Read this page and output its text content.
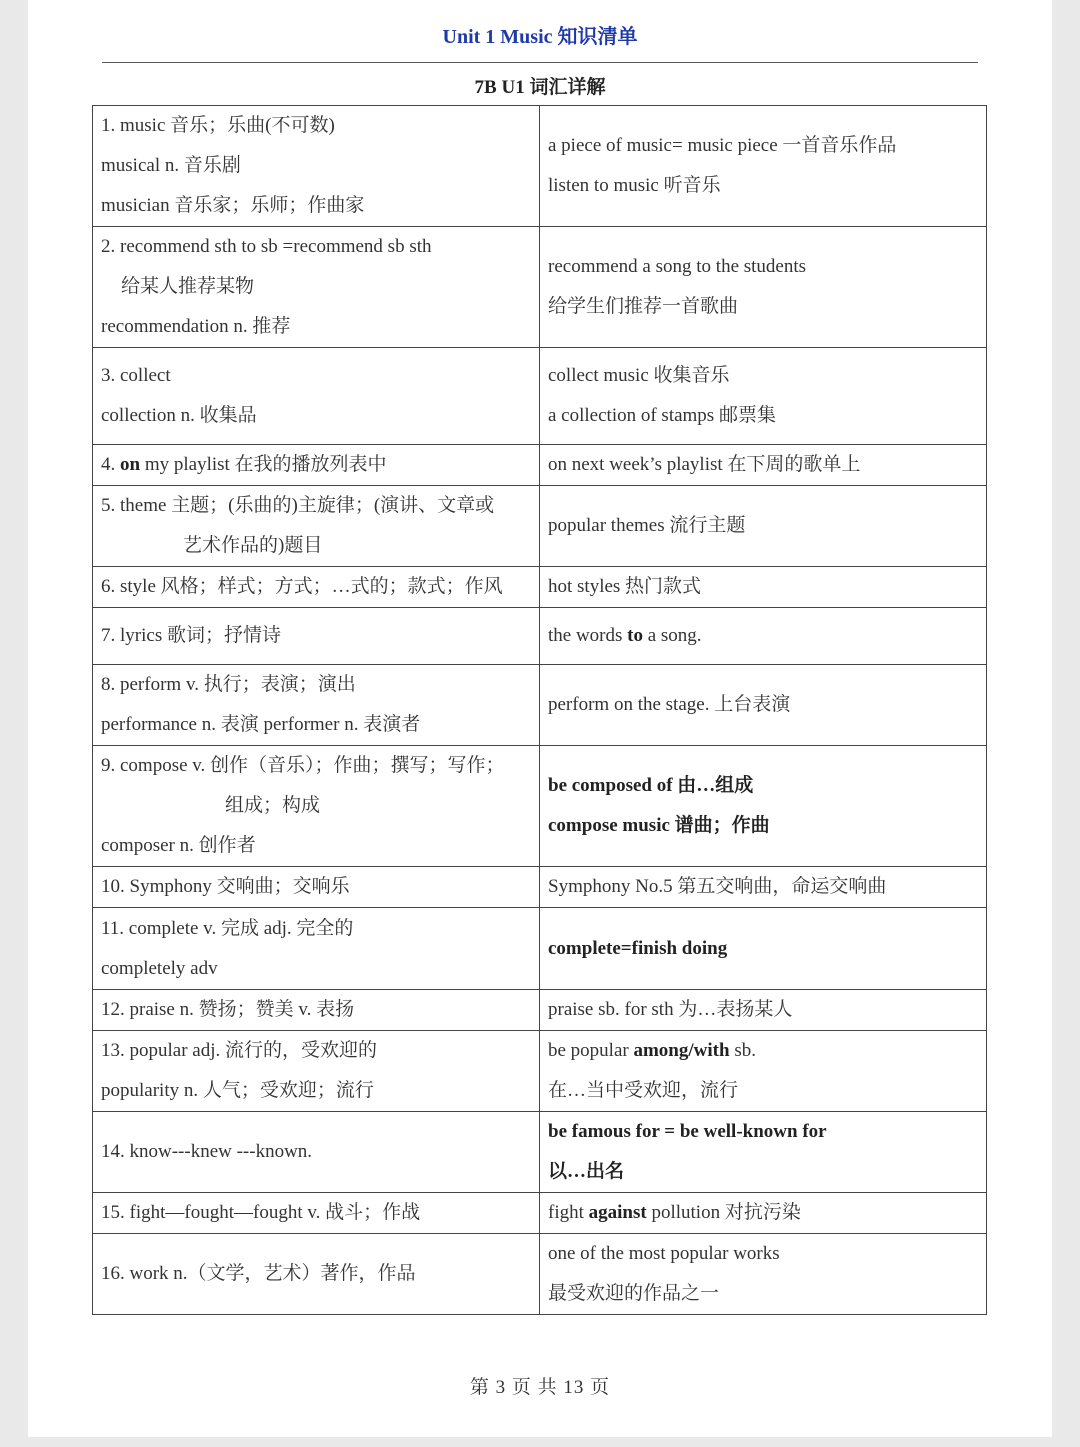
Unit 1 Music 知识清单
7B U1 词汇详解
1. music 音乐；乐曲(不可数)
musical n. 音乐剧
musician 音乐家；乐师；作曲家	a piece of music= music piece 一首音乐作品
listen to music 听音乐

2. recommend sth to sb =recommend sb sth
给某人推荐某物
recommendation n. 推荐	recommend a song to the students
给学生们推荐一首歌曲

3. collect
collection n. 收集品	collect music 收集音乐
a collection of stamps 邮票集

4. on my playlist 在我的播放列表中	on next week’s playlist 在下周的歌单上

5. theme 主题；(乐曲的)主旋律；(演讲、文章或
艺术作品的)题目	popular themes 流行主题

6. style 风格；样式；方式；…式的；款式；作风	hot styles 热门款式

7. lyrics 歌词；抒情诗	the words to a song.

8. perform v. 执行；表演；演出
performance n. 表演 performer n. 表演者	perform on the stage. 上台表演

9. compose v. 创作（音乐）；作曲；撰写；写作；
组成；构成
composer n. 创作者	be composed of 由…组成
compose music 谱曲；作曲

10. Symphony 交响曲；交响乐	Symphony No.5 第五交响曲，命运交响曲

11. complete v. 完成 adj. 完全的
completely adv	complete=finish doing

12. praise n. 赞扬；赞美 v. 表扬	praise sb. for sth 为…表扬某人

13. popular adj. 流行的，受欢迎的
popularity n. 人气；受欢迎；流行	be popular among/with sb.
在…当中受欢迎，流行

14. know---knew ---known.	be famous for = be well-known for
以…出名

15. fight—fought—fought v. 战斗；作战	fight against pollution 对抗污染

16. work n.（文学，艺术）著作，作品	one of the most popular works
最受欢迎的作品之一
第 3 页 共 13 页
